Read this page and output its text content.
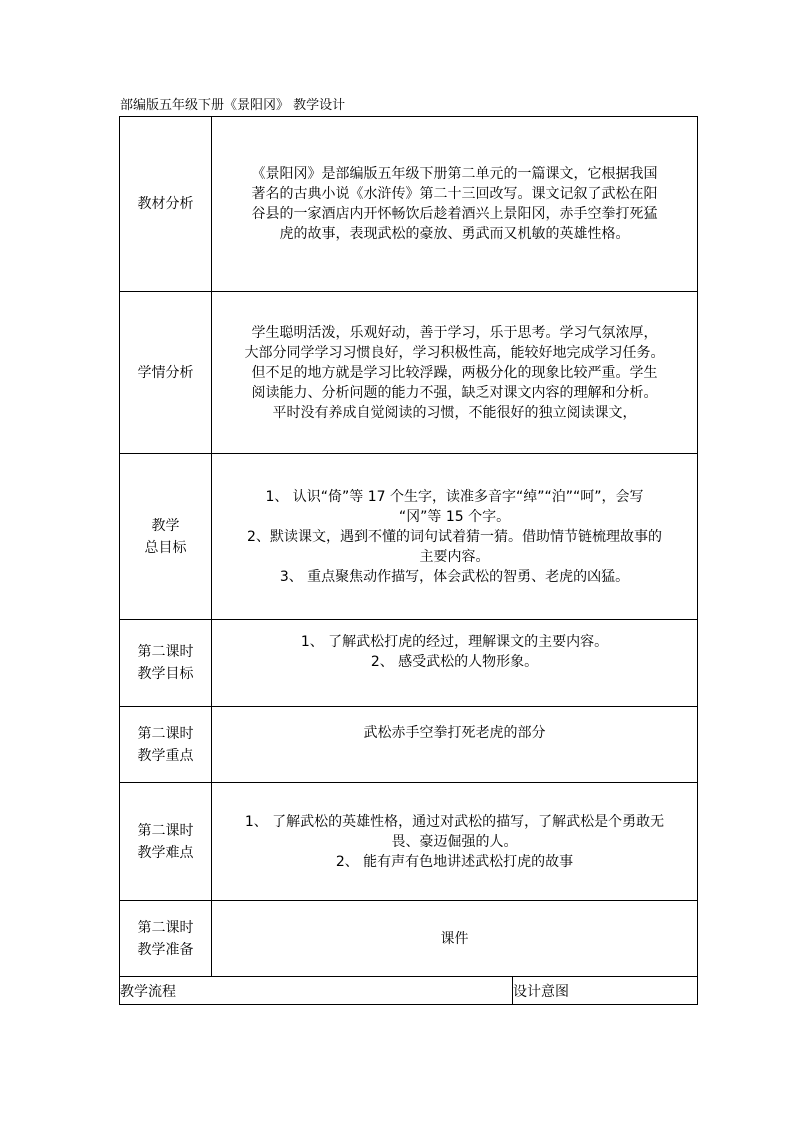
部编版五年级下册《景阳冈》 教学设计
教材分析	《景阳冈》是部编版五年级下册第二单元的一篇课文，它根据我国
著名的古典小说《水浒传》第二十三回改写。课文记叙了武松在阳
谷县的一家酒店内开怀畅饮后趁着酒兴上景阳冈，赤手空拳打死猛
虎的故事，表现武松的豪放、勇武而又机敏的英雄性格。	

学情分析	学生聪明活泼，乐观好动，善于学习，乐于思考。学习气氛浓厚，
大部分同学学习习惯良好，学习积极性高，能较好地完成学习任务。
但不足的地方就是学习比较浮躁，两极分化的现象比较严重。学生
阅读能力、分析问题的能力不强，缺乏对课文内容的理解和分析。
平时没有养成自觉阅读的习惯，不能很好的独立阅读课文，	

教学
总目标	1、 认识“倚”等 17 个生字，读准多音字“绰”“泊”“呵”，会写
“冈”等 15 个字。
2、默读课文，遇到不懂的词句试着猜一猜。借助情节链梳理故事的
主要内容。
3、 重点聚焦动作描写，体会武松的智勇、老虎的凶猛。	

第二课时
教学目标	1、 了解武松打虎的经过，理解课文的主要内容。
2、 感受武松的人物形象。	

第二课时
教学重点	武松赤手空拳打死老虎的部分	

第二课时
教学难点	1、 了解武松的英雄性格，通过对武松的描写，了解武松是个勇敢无
畏、豪迈倔强的人。
2、 能有声有色地讲述武松打虎的故事	

第二课时
教学准备	课件	

教学流程		设计意图
